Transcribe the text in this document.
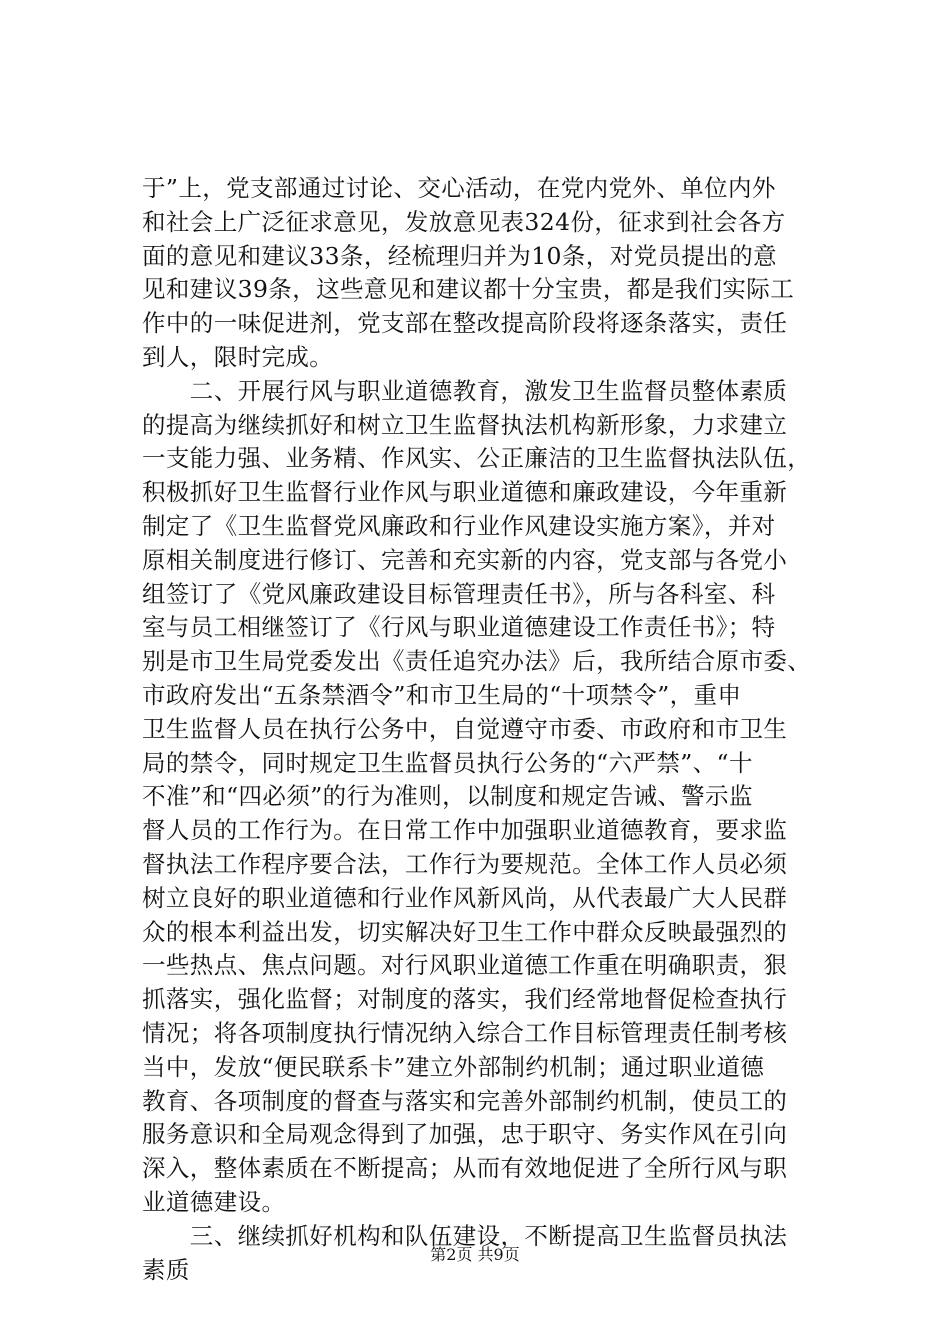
于”上，党支部通过讨论、交心活动，在党内党外、单位内外
和社会上广泛征求意见，发放意见表324份，征求到社会各方
面的意见和建议33条，经梳理归并为10条，对党员提出的意
见和建议39条，这些意见和建议都十分宝贵，都是我们实际工
作中的一味促进剂，党支部在整改提高阶段将逐条落实，责任
到人，限时完成。
　　二、开展行风与职业道德教育，激发卫生监督员整体素质
的提高为继续抓好和树立卫生监督执法机构新形象，力求建立
一支能力强、业务精、作风实、公正廉洁的卫生监督执法队伍，
积极抓好卫生监督行业作风与职业道德和廉政建设，今年重新
制定了《卫生监督党风廉政和行业作风建设实施方案》，并对
原相关制度进行修订、完善和充实新的内容，党支部与各党小
组签订了《党风廉政建设目标管理责任书》，所与各科室、科
室与员工相继签订了《行风与职业道德建设工作责任书》；特
别是市卫生局党委发出《责任追究办法》后，我所结合原市委、
市政府发出“五条禁酒令”和市卫生局的“十项禁令”，重申
卫生监督人员在执行公务中，自觉遵守市委、市政府和市卫生
局的禁令，同时规定卫生监督员执行公务的“六严禁”、“十
不准”和“四必须”的行为准则，以制度和规定告诫、警示监
督人员的工作行为。在日常工作中加强职业道德教育，要求监
督执法工作程序要合法，工作行为要规范。全体工作人员必须
树立良好的职业道德和行业作风新风尚，从代表最广大人民群
众的根本利益出发，切实解决好卫生工作中群众反映最强烈的
一些热点、焦点问题。对行风职业道德工作重在明确职责，狠
抓落实，强化监督；对制度的落实，我们经常地督促检查执行
情况；将各项制度执行情况纳入综合工作目标管理责任制考核
当中，发放“便民联系卡”建立外部制约机制；通过职业道德
教育、各项制度的督查与落实和完善外部制约机制，使员工的
服务意识和全局观念得到了加强，忠于职守、务实作风在引向
深入，整体素质在不断提高；从而有效地促进了全所行风与职
业道德建设。
　　三、继续抓好机构和队伍建设，不断提高卫生监督员执法
素质
第2页 共9页
